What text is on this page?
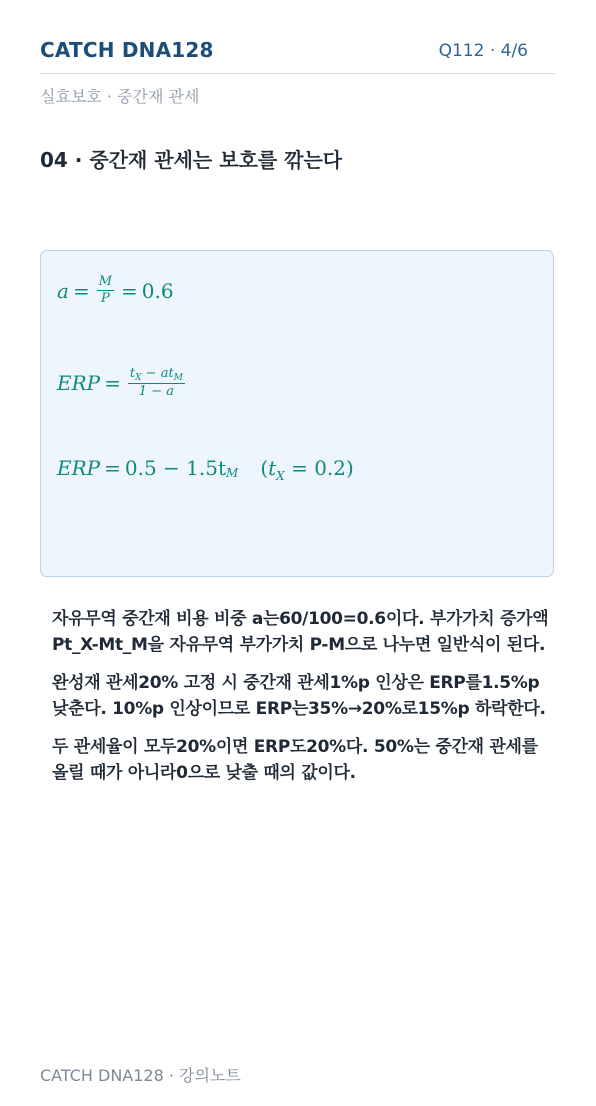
CATCH DNA128	Q112 · 4/6
실효보호 · 중간재 관세
04 · 중간재 관세는 보호를 깎는다
$a = \frac{M}{P} = 0.6$
ERP = $\frac{t_X - at_M}{1 - a}$
ERP = 0.5 − 1.5t M $(t_X = 0.2)$
자유무역 중간재 비용 비중 a는60/100=0.6이다. 부가가치 증가액 Pt_X-Mt_M을 자유무역 부가가치 P-M으로 나누면 일반식이 된다.
완성재 관세20% 고정 시 중간재 관세1%p 인상은 ERP를1.5%p 낮춘다. 10%p 인상이므로 ERP는35%→20%로15%p 하락한다.
두 관세율이 모두20%이면 ERP도20%다. 50%는 중간재 관세를 올릴 때가 아니라0으로 낮출 때의 값이다.
CATCH DNA128 · 강의노트
